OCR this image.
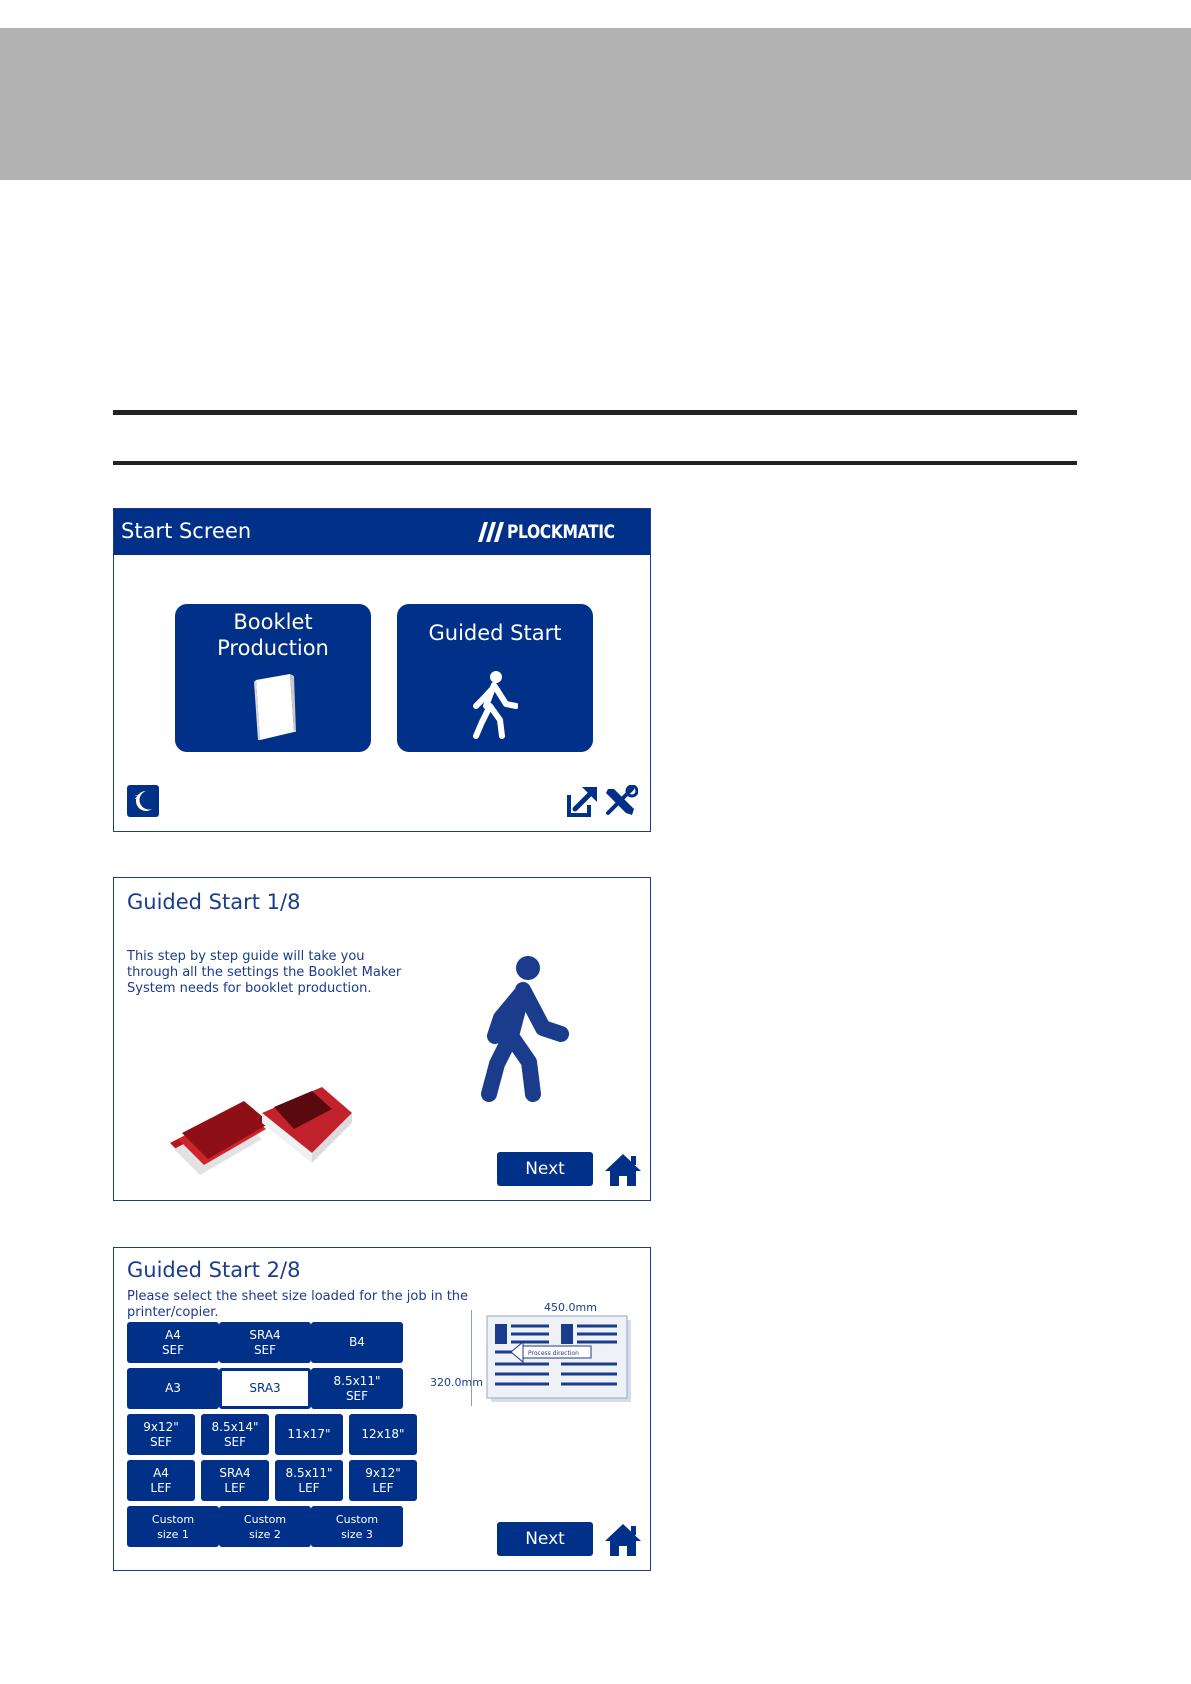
Start Screen	PLOCKMATIC
Booklet
Production
Guided Start
z
Guided Start 1/8
This step by step guide will take you
through all the settings the Booklet Maker
System needs for booklet production.
Next
Guided Start 2/8
Please select the sheet size loaded for the job in the
printer/copier.
A4
SEF
SRA4
SEF
B4
A3	SRA3
8.5x11"
SEF
9x12"
SEF
8.5x14"
SEF
11x17"	12x18"
A4
LEF
SRA4
LEF
8.5x11"
LEF
9x12"
LEF
Custom
size 1
Custom
size 2
Custom
size 3
450.0mm
320.0mm
Process direction
Next
